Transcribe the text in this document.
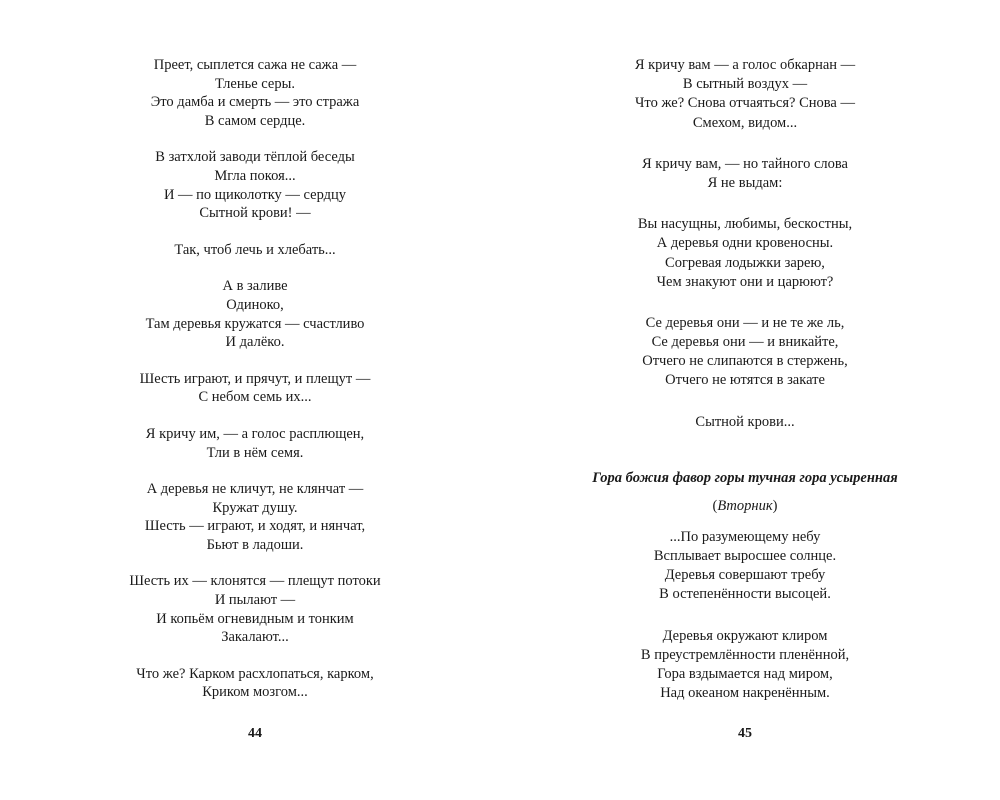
Преет, сыплется сажа не сажа —
Тленье серы.
Это дамба и смерть — это стража
В самом сердце.
В затхлой заводи тёплой беседы
Мгла покоя...
И — по щиколотку — сердцу
Сытной крови! —
Так, чтоб лечь и хлебать...
А в заливе
Одиноко,
Там деревья кружатся — счастливо
И далёко.
Шесть играют, и прячут, и плещут —
С небом семь их...
Я кричу им, — а голос расплющен,
Тли в нём семя.
А деревья не кличут, не клянчат —
Кружат душу.
Шесть — играют, и ходят, и нянчат,
Бьют в ладоши.
Шесть их — клонятся — плещут потоки
И пылают —
И копьём огневидным и тонким
Закалают...
Что же? Карком расхлопаться, карком,
Криком мозгом...
44
Я кричу вам — а голос обкарнан —
В сытный воздух —
Что же? Снова отчаяться? Снова —
Смехом, видом...
Я кричу вам, — но тайного слова
Я не выдам:
Вы насущны, любимы, бескостны,
А деревья одни кровеносны.
Согревая лодыжки зарею,
Чем знакуют они и царюют?
Се деревья они — и не те же ль,
Се деревья они — и вникайте,
Отчего не слипаются в стержень,
Отчего не ютятся в закате
Сытной крови...
Гора божия фавор горы тучная гора усыренная
(Вторник)
...По разумеющему небу
Всплывает выросшее солнце.
Деревья совершают требу
В остепенённости высоцей.
Деревья окружают клиром
В преустремлённости пленённой,
Гора вздымается над миром,
Над океаном накренённым.
45
